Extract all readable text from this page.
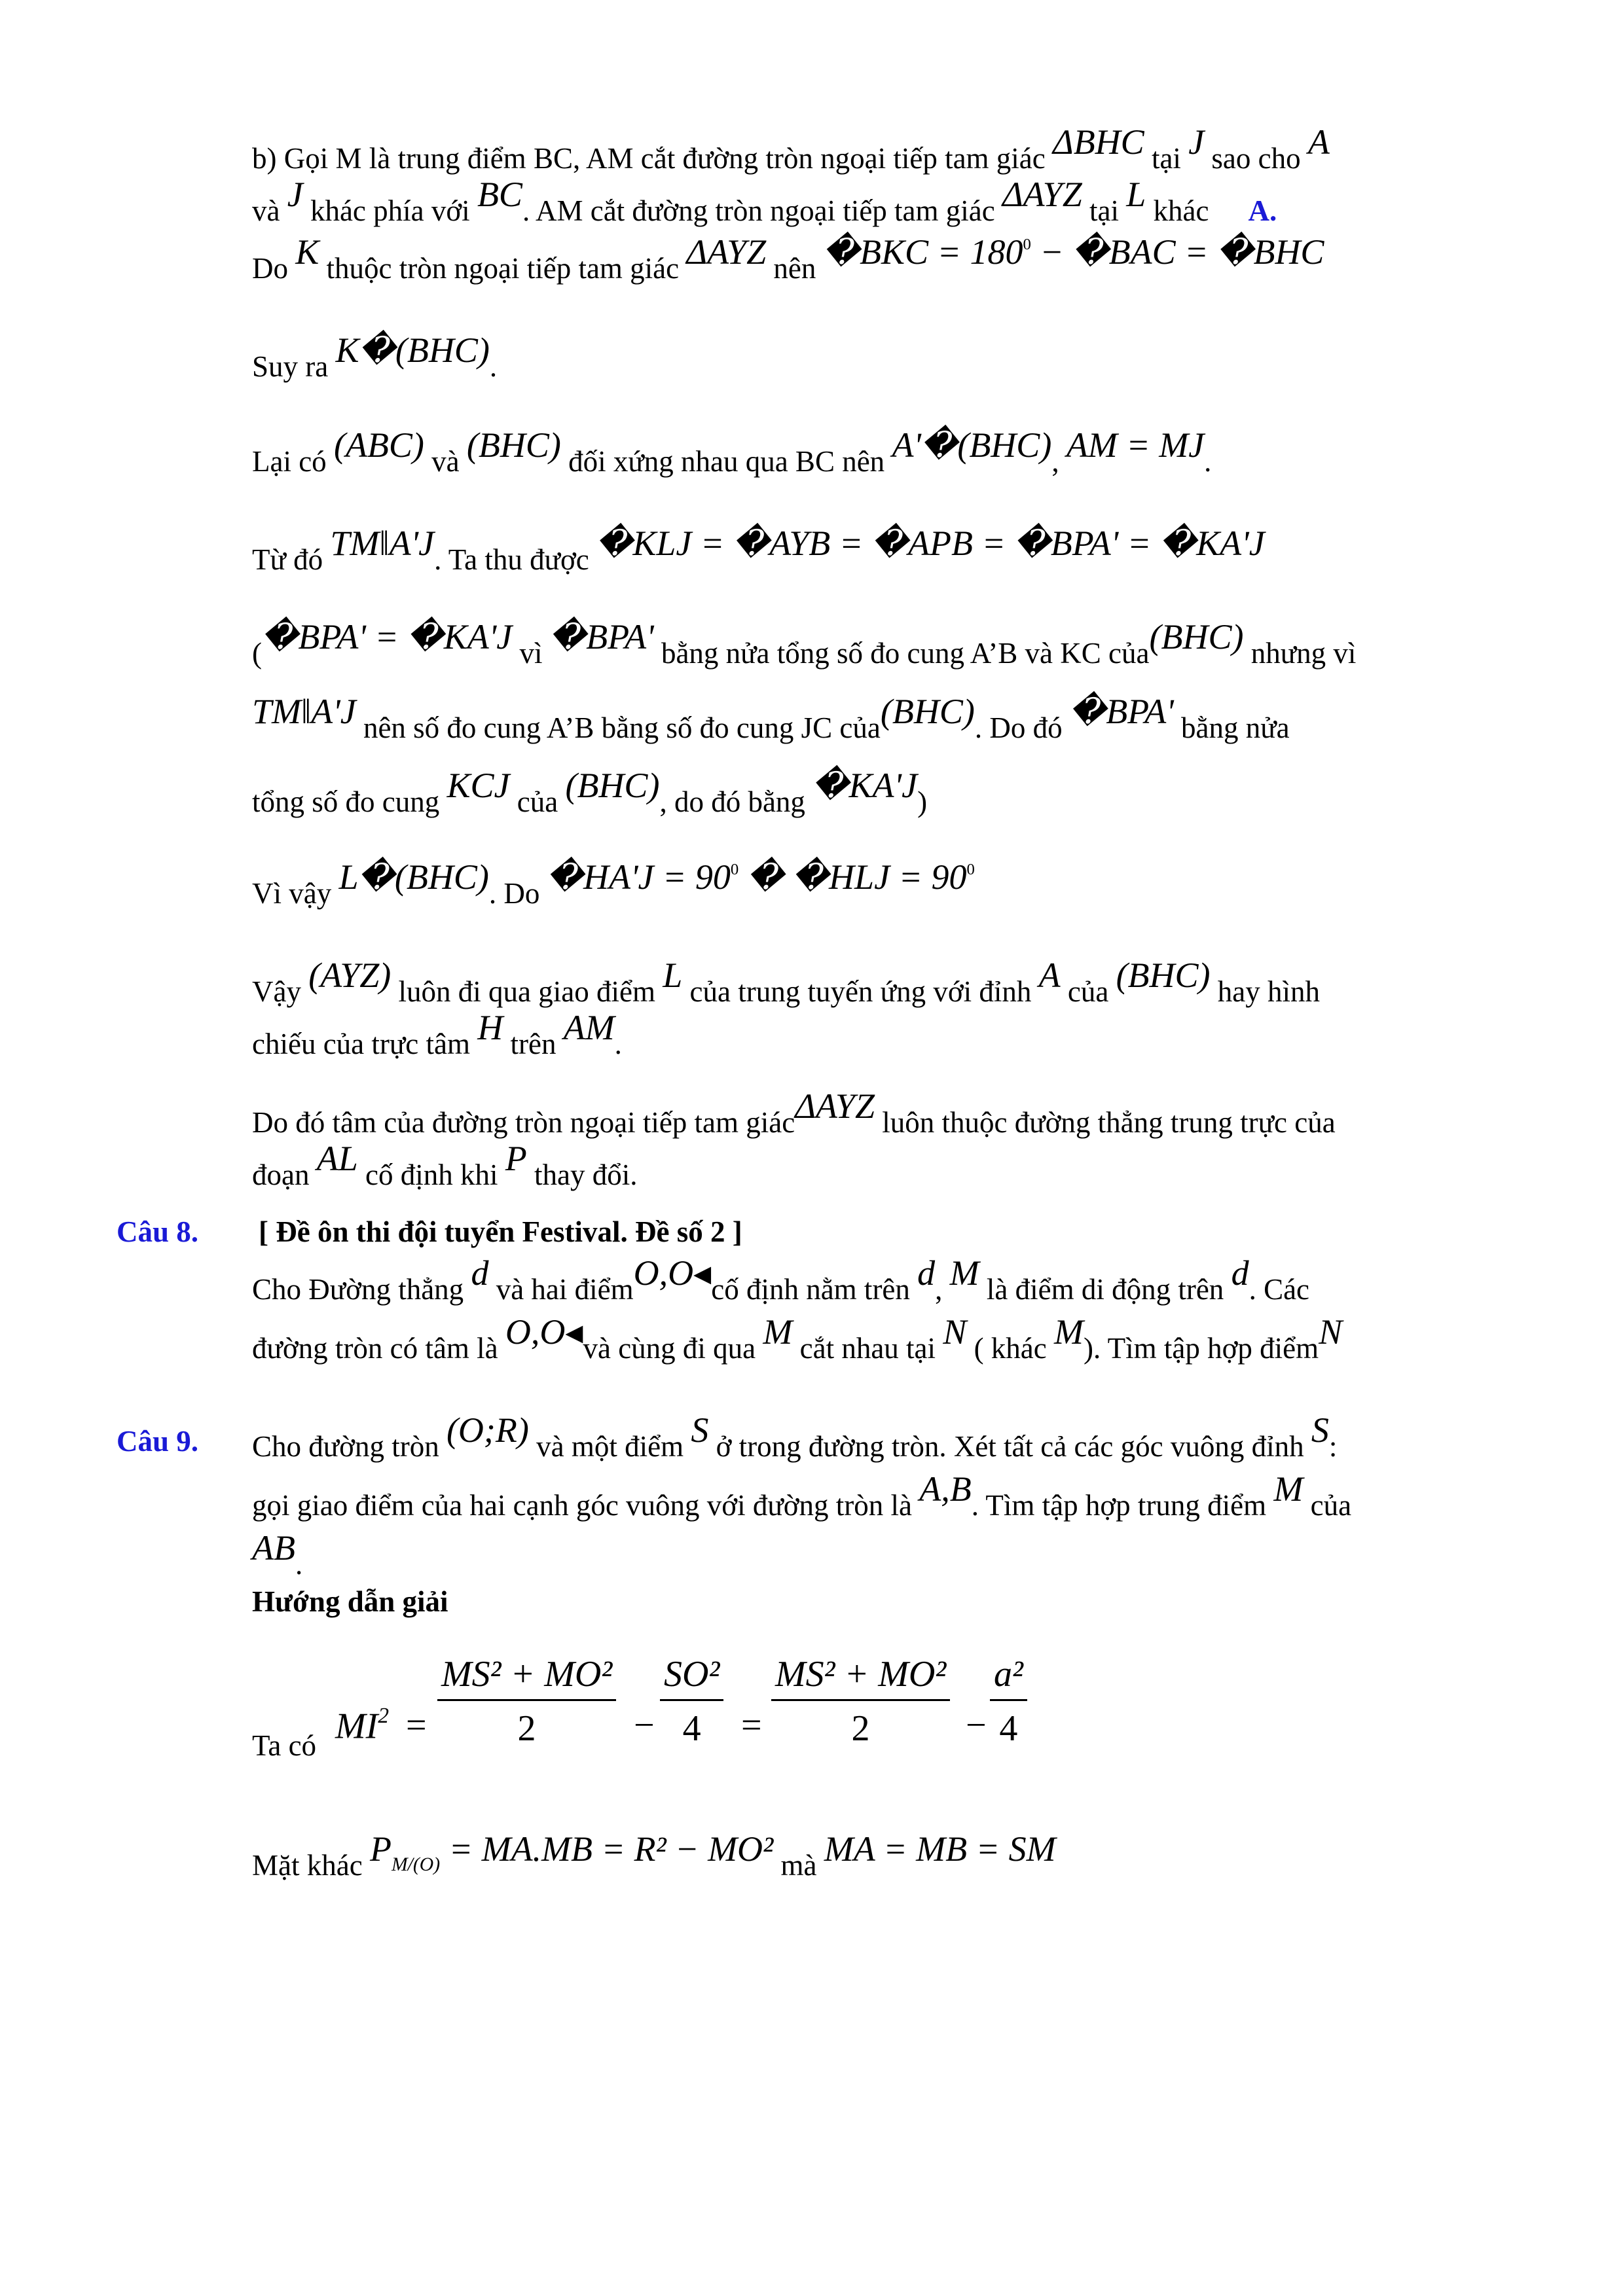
b) Gọi M là trung điểm BC, AM cắt đường tròn ngoại tiếp tam giác ΔBHC tại J sao cho A
và J khác phía với BC. AM cắt đường tròn ngoại tiếp tam giác ΔAYZ tại L khác A.
Do K thuộc tròn ngoại tiếp tam giác ΔAYZ nên �BKC = $180^0$ − �BAC = �BHC
Suy ra K�(BHC).
Lại có (ABC) và (BHC) đối xứng nhau qua BC nên A'�(BHC), AM = MJ.
Từ đó TM‖A'J. Ta thu được �KLJ = �AYB = �APB = �BPA' = �KA'J
(�BPA' = �KA'J vì �BPA' bằng nửa tổng số đo cung A’B và KC của(BHC) nhưng vì
TM‖A'J nên số đo cung A’B bằng số đo cung JC của(BHC). Do đó �BPA' bằng nửa
tổng số đo cung KCJ của (BHC), do đó bằng �KA'J)
Vì vậy L�(BHC). Do �HA'J = $90^0$ � �HLJ = $90^0$
Vậy (AYZ) luôn đi qua giao điểm L của trung tuyến ứng với đỉnh A của (BHC) hay hình
chiếu của trực tâm H trên AM.
Do đó tâm của đường tròn ngoại tiếp tam giácΔAYZ luôn thuộc đường thẳng trung trực của
đoạn AL cố định khi P thay đổi.
Câu 8. [ Đề ôn thi đội tuyển Festival. Đề số 2 ]
Cho Đường thẳng d và hai điểmO,O◂cố định nằm trên d, M là điểm di động trên d. Các
đường tròn có tâm là O,O◂và cùng đi qua M cắt nhau tại N ( khác M). Tìm tập hợp điểmN
Câu 9. Cho đường tròn (O;R) và một điểm S ở trong đường tròn. Xét tất cả các góc vuông đỉnh S:
gọi giao điểm của hai cạnh góc vuông với đường tròn là A,B. Tìm tập hợp trung điểm M của
AB.
Hướng dẫn giải
Ta có $MI^2$ =
MS² + MO²
2	−
SO²
4	=
MS² + MO²
2	−
a²
4
Mặt khác $P_{M/(O)} = MA.MB = R^2 - MO^2$ mà MA = MB = SM
